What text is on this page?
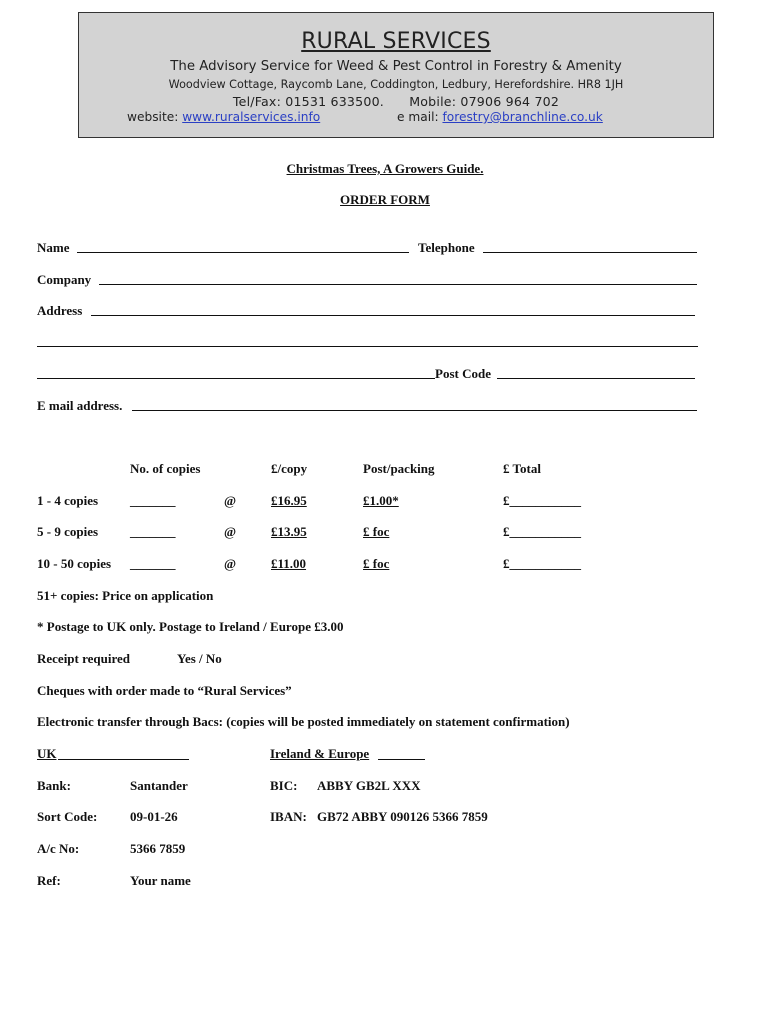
RURAL SERVICES
The Advisory Service for Weed & Pest Control in Forestry & Amenity
Woodview Cottage, Raycomb Lane, Coddington, Ledbury, Herefordshire. HR8 1JH
Tel/Fax: 01531 633500.      Mobile: 07906 964 702
website: www.ruralservices.info	e mail: forestry@branchline.co.uk
Christmas Trees, A Growers Guide.
ORDER FORM
Name	Telephone
Company
Address
Post Code
E mail address.
No. of copies	£/copy	Post/packing	£ Total
1 - 4 copies _______	@	£16.95	£1.00*	£___________
5 - 9 copies _______	@	£13.95	£ foc	£___________
10 - 50 copies _______	@	£11.00	£ foc	£___________
51+ copies: Price on application
* Postage to UK only. Postage to Ireland / Europe £3.00
Receipt required	Yes / No
Cheques with order made to “Rural Services”
Electronic transfer through Bacs: (copies will be posted immediately on statement confirmation)
UK	Ireland & Europe
Bank:	Santander	BIC: ABBY GB2L XXX
Sort Code:	09-01-26	IBAN: GB72 ABBY 090126 5366 7859
A/c No:	5366 7859
Ref:	Your name
